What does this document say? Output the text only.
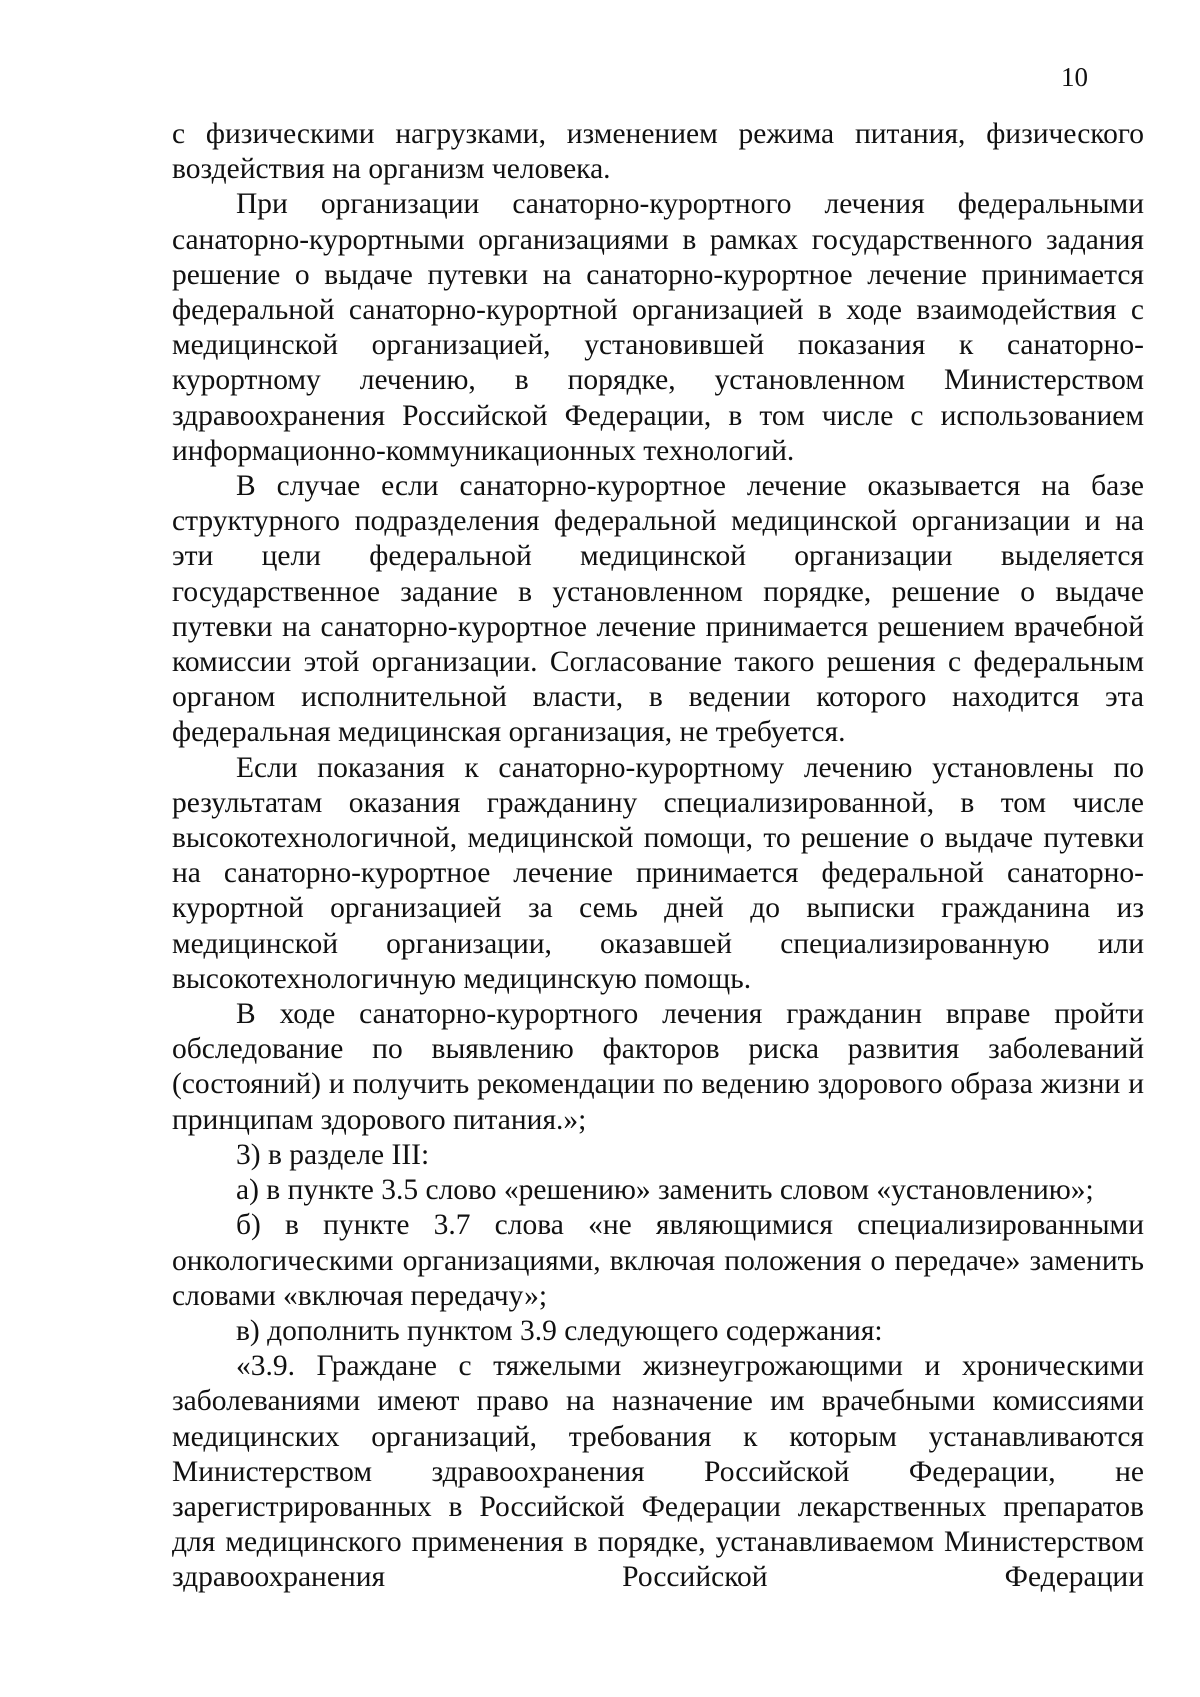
10

с физическими нагрузками, изменением режима питания, физического воздействия на организм человека.

При организации санаторно-курортного лечения федеральными санаторно-курортными организациями в рамках государственного задания решение о выдаче путевки на санаторно-курортное лечение принимается федеральной санаторно-курортной организацией в ходе взаимодействия с медицинской организацией, установившей показания к санаторно-курортному лечению, в порядке, установленном Министерством здравоохранения Российской Федерации, в том числе с использованием информационно-коммуникационных технологий.

В случае если санаторно-курортное лечение оказывается на базе структурного подразделения федеральной медицинской организации и на эти цели федеральной медицинской организации выделяется государственное задание в установленном порядке, решение о выдаче путевки на санаторно-курортное лечение принимается решением врачебной комиссии этой организации. Согласование такого решения с федеральным органом исполнительной власти, в ведении которого находится эта федеральная медицинская организация, не требуется.

Если показания к санаторно-курортному лечению установлены по результатам оказания гражданину специализированной, в том числе высокотехнологичной, медицинской помощи, то решение о выдаче путевки на санаторно-курортное лечение принимается федеральной санаторно-курортной организацией за семь дней до выписки гражданина из медицинской организации, оказавшей специализированную или высокотехнологичную медицинскую помощь.

В ходе санаторно-курортного лечения гражданин вправе пройти обследование по выявлению факторов риска развития заболеваний (состояний) и получить рекомендации по ведению здорового образа жизни и принципам здорового питания.»;

3) в разделе III:

а) в пункте 3.5 слово «решению» заменить словом «установлению»;

б) в пункте 3.7 слова «не являющимися специализированными онкологическими организациями, включая положения о передаче» заменить словами «включая передачу»;

в) дополнить пунктом 3.9 следующего содержания:

«3.9. Граждане с тяжелыми жизнеугрожающими и хроническими заболеваниями имеют право на назначение им врачебными комиссиями медицинских организаций, требования к которым устанавливаются Министерством здравоохранения Российской Федерации, не зарегистрированных в Российской Федерации лекарственных препаратов для медицинского применения в порядке, устанавливаемом Министерством здравоохранения Российской Федерации
